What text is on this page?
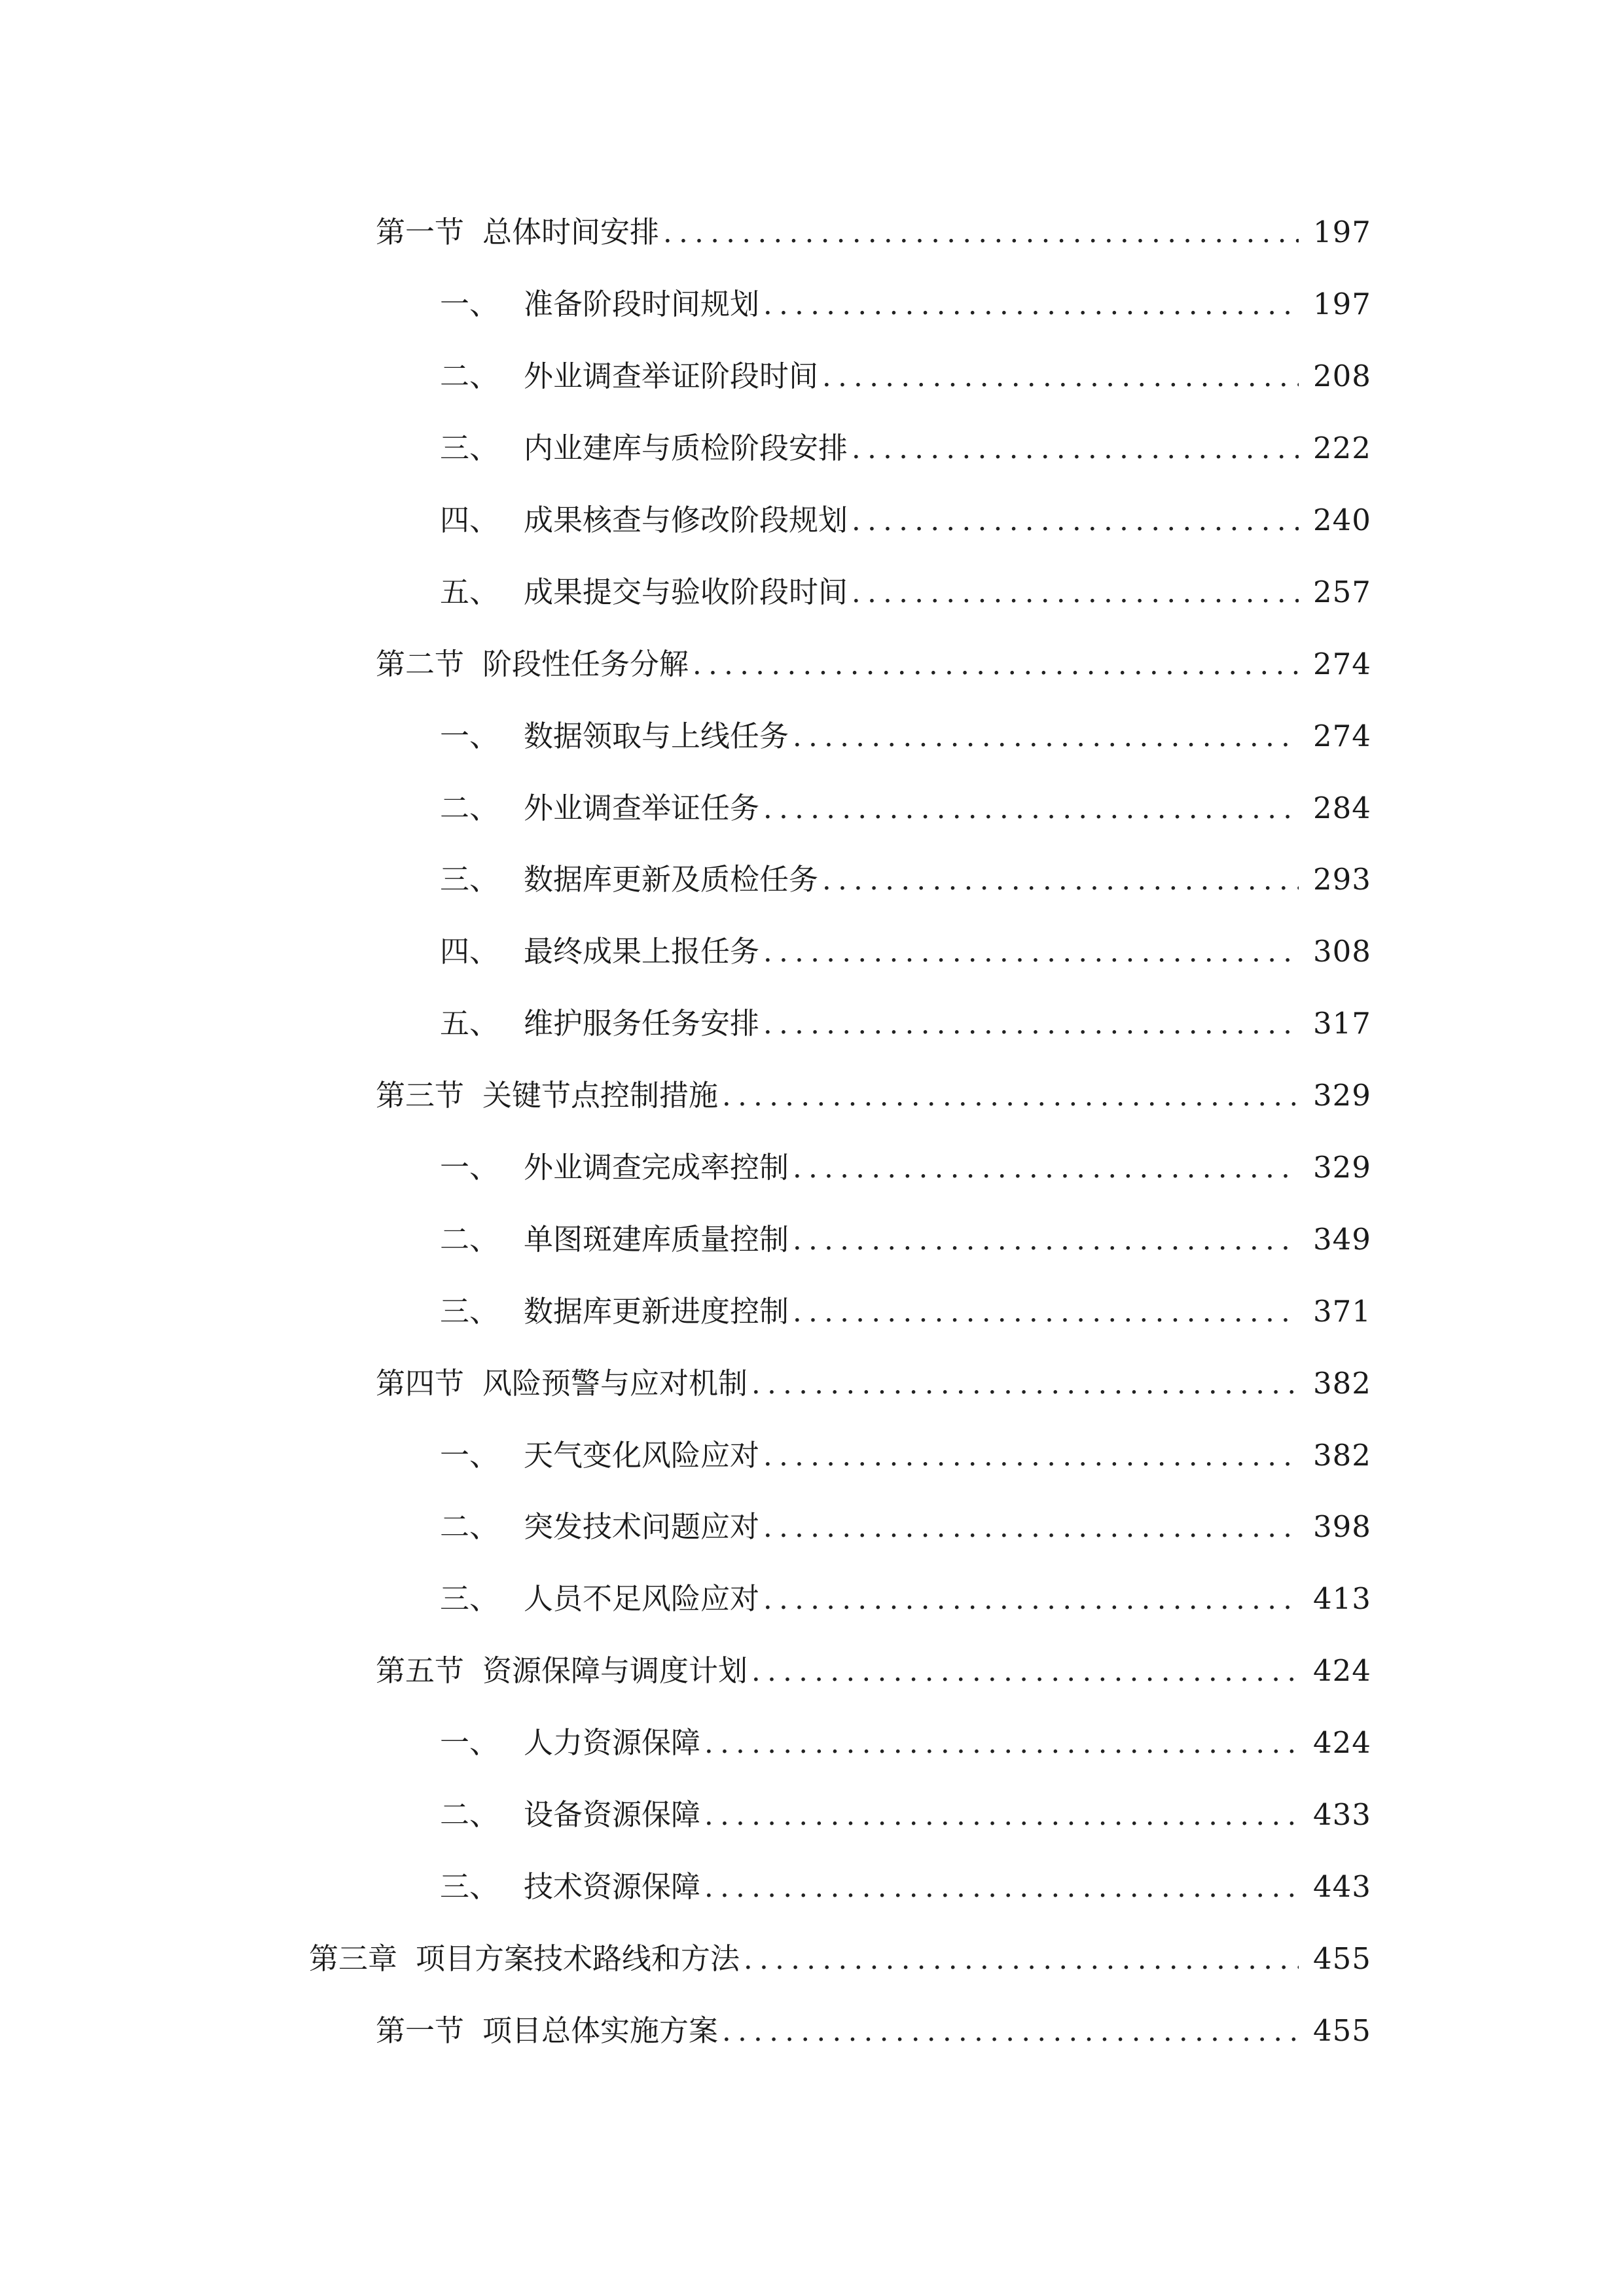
第一节 总体时间安排 .....	197
一、 准备阶段时间规划 .....	197
二、 外业调查举证阶段时间 .....	208
三、 内业建库与质检阶段安排 .....	222
四、 成果核查与修改阶段规划 .....	240
五、 成果提交与验收阶段时间 .....	257
第二节 阶段性任务分解 .....	274
一、 数据领取与上线任务 .....	274
二、 外业调查举证任务 .....	284
三、 数据库更新及质检任务 .....	293
四、 最终成果上报任务 .....	308
五、 维护服务任务安排 .....	317
第三节 关键节点控制措施 .....	329
一、 外业调查完成率控制 .....	329
二、 单图斑建库质量控制 .....	349
三、 数据库更新进度控制 .....	371
第四节 风险预警与应对机制 .....	382
一、 天气变化风险应对 .....	382
二、 突发技术问题应对 .....	398
三、 人员不足风险应对 .....	413
第五节 资源保障与调度计划 .....	424
一、 人力资源保障 .....	424
二、 设备资源保障 .....	433
三、 技术资源保障 .....	443
第三章 项目方案技术路线和方法 .....	455
第一节 项目总体实施方案 .....	455
